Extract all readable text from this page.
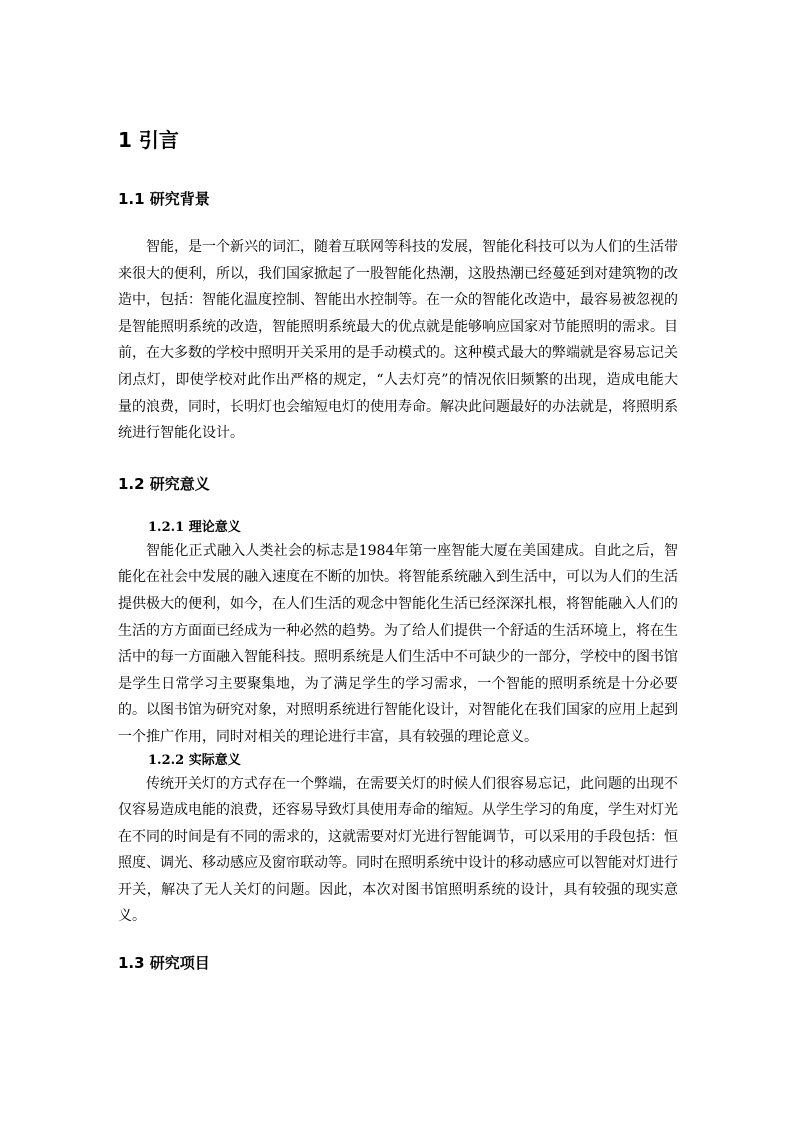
1 引言
1.1 研究背景

智能，是一个新兴的词汇，随着互联网等科技的发展，智能化科技可以为人们的生活带来很大的便利，所以，我们国家掀起了一股智能化热潮，这股热潮已经蔓延到对建筑物的改造中，包括：智能化温度控制、智能出水控制等。在一众的智能化改造中，最容易被忽视的是智能照明系统的改造，智能照明系统最大的优点就是能够响应国家对节能照明的需求。目前，在大多数的学校中照明开关采用的是手动模式的。这种模式最大的弊端就是容易忘记关闭点灯，即使学校对此作出严格的规定，“人去灯亮”的情况依旧频繁的出现，造成电能大量的浪费，同时，长明灯也会缩短电灯的使用寿命。解决此问题最好的办法就是，将照明系统进行智能化设计。

1.2 研究意义
1.2.1 理论意义

智能化正式融入人类社会的标志是1984年第一座智能大厦在美国建成。自此之后，智能化在社会中发展的融入速度在不断的加快。将智能系统融入到生活中，可以为人们的生活提供极大的便利，如今，在人们生活的观念中智能化生活已经深深扎根，将智能融入人们的生活的方方面面已经成为一种必然的趋势。为了给人们提供一个舒适的生活环境上，将在生活中的每一方面融入智能科技。照明系统是人们生活中不可缺少的一部分，学校中的图书馆是学生日常学习主要聚集地，为了满足学生的学习需求，一个智能的照明系统是十分必要的。以图书馆为研究对象，对照明系统进行智能化设计，对智能化在我们国家的应用上起到一个推广作用，同时对相关的理论进行丰富，具有较强的理论意义。

1.2.2 实际意义

传统开关灯的方式存在一个弊端，在需要关灯的时候人们很容易忘记，此问题的出现不仅容易造成电能的浪费，还容易导致灯具使用寿命的缩短。从学生学习的角度，学生对灯光在不同的时间是有不同的需求的，这就需要对灯光进行智能调节，可以采用的手段包括：恒照度、调光、移动感应及窗帘联动等。同时在照明系统中设计的移动感应可以智能对灯进行开关，解决了无人关灯的问题。因此，本次对图书馆照明系统的设计，具有较强的现实意义。

1.3 研究项目
